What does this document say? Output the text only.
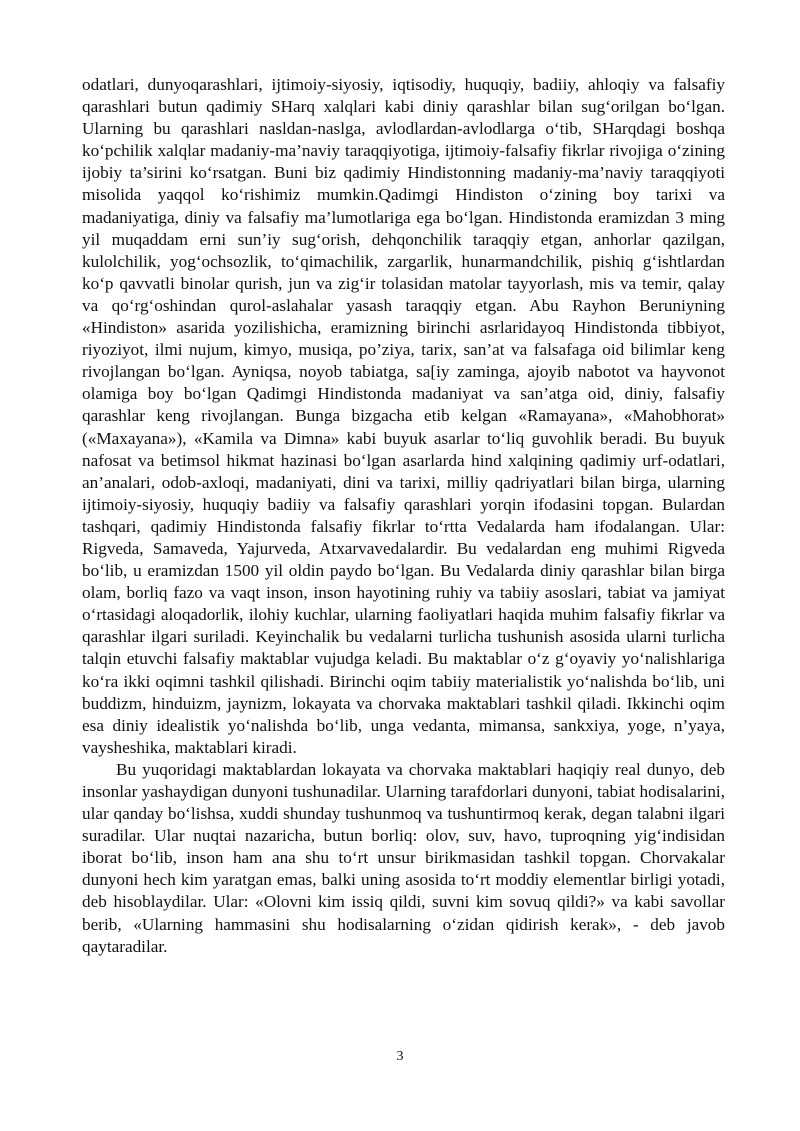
odatlari, dunyoqarashlari, ijtimoiy-siyosiy, iqtisodiy, huquqiy, badiiy, ahloqiy va falsafiy qarashlari butun qadimiy SHarq xalqlari kabi diniy qarashlar bilan sug‘orilgan bo‘lgan. Ularning bu qarashlari nasldan-naslga, avlodlardan-avlodlarga o‘tib, SHarqdagi boshqa ko‘pchilik xalqlar madaniy-ma’naviy taraqqiyotiga, ijtimoiy-falsafiy fikrlar rivojiga o‘zining ijobiy ta’sirini ko‘rsatgan. Buni biz qadimiy Hindistonning madaniy-ma’naviy taraqqiyoti misolida yaqqol ko‘rishimiz mumkin.Qadimgi Hindiston o‘zining boy tarixi va madaniyatiga, diniy va falsafiy ma’lumotlariga ega bo‘lgan. Hindistonda eramizdan 3 ming yil muqaddam erni sun’iy sug‘orish, dehqonchilik taraqqiy etgan, anhorlar qazilgan, kulolchilik, yog‘ochsozlik, to‘qimachilik, zargarlik, hunarmandchilik, pishiq g‘ishtlardan ko‘p qavvatli binolar qurish, jun va zig‘ir tolasidan matolar tayyorlash, mis va temir, qalay va qo‘rg‘oshindan qurol-aslahalar yasash taraqqiy etgan. Abu Rayhon Beruniyning «Hindiston» asarida yozilishicha, eramizning birinchi asrlaridayoq Hindistonda tibbiyot, riyoziyot, ilmi nujum, kimyo, musiqa, po’ziya, tarix, san’at va falsafaga oid bilimlar keng rivojlangan bo‘lgan. Ayniqsa, noyob tabiatga, sa[iy zaminga, ajoyib nabotot va hayvonot olamiga boy bo‘lgan Qadimgi Hindistonda madaniyat va san’atga oid, diniy, falsafiy qarashlar keng rivojlangan. Bunga bizgacha etib kelgan «Ramayana», «Mahobhorat» («Maxayana»), «Kamila va Dimna» kabi buyuk asarlar to‘liq guvohlik beradi. Bu buyuk nafosat va betimsol hikmat hazinasi bo‘lgan asarlarda hind xalqining qadimiy urf-odatlari, an’analari, odob-axloqi, madaniyati, dini va tarixi, milliy qadriyatlari bilan birga, ularning ijtimoiy-siyosiy, huquqiy badiiy va falsafiy qarashlari yorqin ifodasini topgan. Bulardan tashqari, qadimiy Hindistonda falsafiy fikrlar to‘rtta Vedalarda ham ifodalangan. Ular: Rigveda, Samaveda, Yajurveda, Atxarvavedalardir. Bu vedalardan eng muhimi Rigveda bo‘lib, u eramizdan 1500 yil oldin paydo bo‘lgan. Bu Vedalarda diniy qarashlar bilan birga olam, borliq fazo va vaqt inson, inson hayotining ruhiy va tabiiy asoslari, tabiat va jamiyat o‘rtasidagi aloqadorlik, ilohiy kuchlar, ularning faoliyatlari haqida muhim falsafiy fikrlar va qarashlar ilgari suriladi. Keyinchalik bu vedalarni turlicha tushunish asosida ularni turlicha talqin etuvchi falsafiy maktablar vujudga keladi. Bu maktablar o‘z g‘oyaviy yo‘nalishlariga ko‘ra ikki oqimni tashkil qilishadi. Birinchi oqim tabiiy materialistik yo‘nalishda bo‘lib, uni buddizm, hinduizm, jaynizm, lokayata va chorvaka maktablari tashkil qiladi. Ikkinchi oqim esa diniy idealistik yo‘nalishda bo‘lib, unga vedanta, mimansa, sankxiya, yoge, n’yaya, vaysheshika, maktablari kiradi.

Bu yuqoridagi maktablardan lokayata va chorvaka maktablari haqiqiy real dunyo, deb insonlar yashaydigan dunyoni tushunadilar. Ularning tarafdorlari dunyoni, tabiat hodisalarini, ular qanday bo‘lishsa, xuddi shunday tushunmoq va tushuntirmoq kerak, degan talabni ilgari suradilar. Ular nuqtai nazaricha, butun borliq: olov, suv, havo, tuproqning yig‘indisidan iborat bo‘lib, inson ham ana shu to‘rt unsur birikmasidan tashkil topgan. Chorvakalar dunyoni hech kim yaratgan emas, balki uning asosida to‘rt moddiy elementlar birligi yotadi, deb hisoblaydilar. Ular: «Olovni kim issiq qildi, suvni kim sovuq qildi?» va kabi savollar berib, «Ularning hammasini shu hodisalarning o‘zidan qidirish kerak», - deb javob qaytaradilar.

3
